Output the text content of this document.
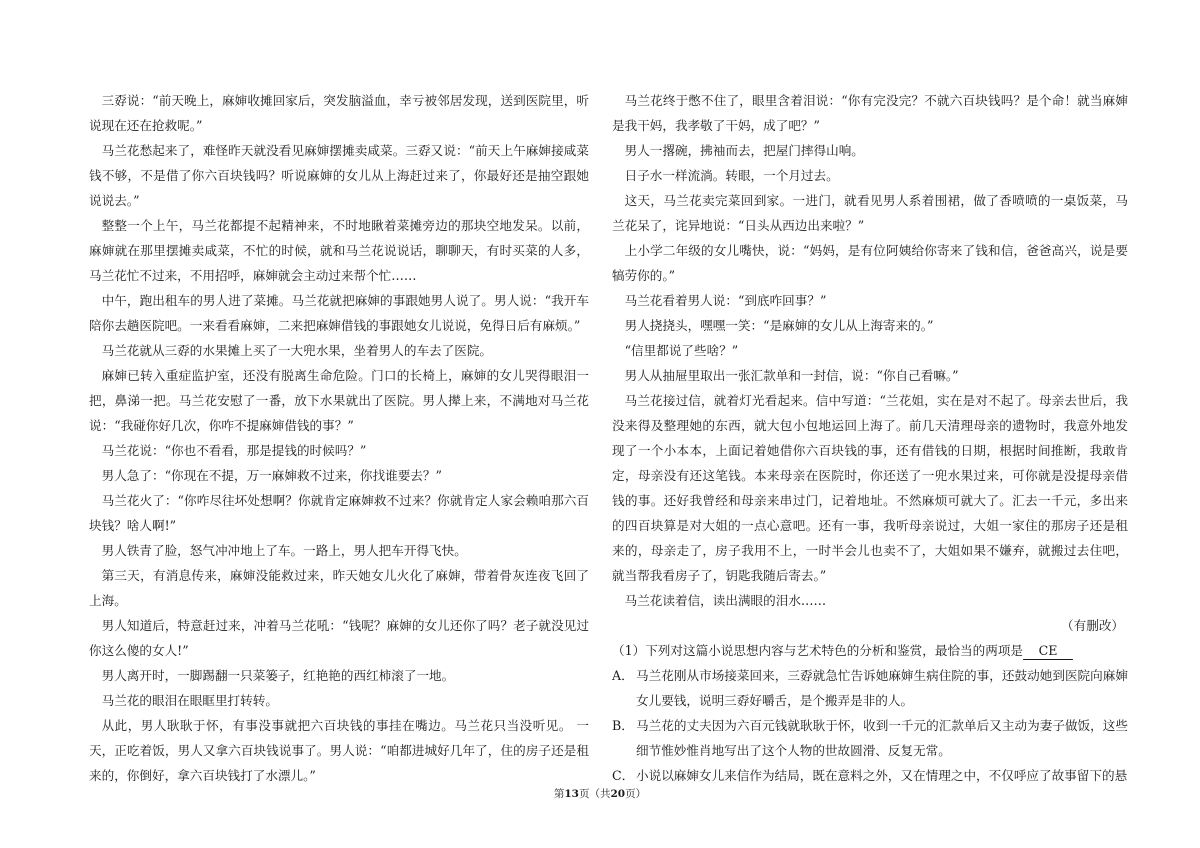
三孬说：“前天晚上，麻婶收摊回家后，突发脑溢血，幸亏被邻居发现，送到医院里，听说现在还在抢救呢。”

马兰花愁起来了，难怪昨天就没看见麻婶摆摊卖咸菜。三孬又说：“前天上午麻婶接咸菜钱不够，不是借了你六百块钱吗？听说麻婶的女儿从上海赶过来了，你最好还是抽空跟她说说去。”

整整一个上午，马兰花都提不起精神来，不时地瞅着菜摊旁边的那块空地发呆。以前，麻婶就在那里摆摊卖咸菜，不忙的时候，就和马兰花说说话，聊聊天，有时买菜的人多，马兰花忙不过来，不用招呼，麻婶就会主动过来帮个忙……

中午，跑出租车的男人进了菜摊。马兰花就把麻婶的事跟她男人说了。男人说：“我开车陪你去趟医院吧。一来看看麻婶，二来把麻婶借钱的事跟她女儿说说，免得日后有麻烦。”

马兰花就从三孬的水果摊上买了一大兜水果，坐着男人的车去了医院。

麻婶已转入重症监护室，还没有脱离生命危险。门口的长椅上，麻婶的女儿哭得眼泪一把，鼻涕一把。马兰花安慰了一番，放下水果就出了医院。男人撵上来，不满地对马兰花说：“我碰你好几次，你咋不提麻婶借钱的事？”

马兰花说：“你也不看看，那是提钱的时候吗？”

男人急了：“你现在不提，万一麻婶救不过来，你找谁要去？”

马兰花火了：“你咋尽往坏处想啊？你就肯定麻婶救不过来？你就肯定人家会赖咱那六百块钱？啥人啊!”

男人铁青了脸，怒气冲冲地上了车。一路上，男人把车开得飞快。

第三天，有消息传来，麻婶没能救过来，昨天她女儿火化了麻婶，带着骨灰连夜飞回了上海。

男人知道后，特意赶过来，冲着马兰花吼：“钱呢？麻婶的女儿还你了吗？老子就没见过你这么傻的女人!”

男人离开时，一脚踢翻一只菜篓子，红艳艳的西红柿滚了一地。

马兰花的眼泪在眼眶里打转转。

从此，男人耿耿于怀，有事没事就把六百块钱的事挂在嘴边。马兰花只当没听见。 一天，正吃着饭，男人又拿六百块钱说事了。男人说：“咱都进城好几年了，住的房子还是租来的，你倒好，拿六百块钱打了水漂儿。”

马兰花终于憋不住了，眼里含着泪说：“你有完没完？不就六百块钱吗？是个命！就当麻婶是我干妈，我孝敬了干妈，成了吧？”

男人一撂碗，拂袖而去，把屋门摔得山响。

日子水一样流淌。转眼，一个月过去。

这天，马兰花卖完菜回到家。一进门，就看见男人系着围裙，做了香喷喷的一桌饭菜，马兰花呆了，诧异地说：“日头从西边出来啦？”

上小学二年级的女儿嘴快，说：“妈妈，是有位阿姨给你寄来了钱和信，爸爸高兴，说是要犒劳你的。”

马兰花看着男人说：“到底咋回事？”

男人挠挠头，嘿嘿一笑：“是麻婶的女儿从上海寄来的。”

“信里都说了些啥？”

男人从抽屉里取出一张汇款单和一封信，说：“你自己看嘛。”

马兰花接过信，就着灯光看起来。信中写道：“兰花姐，实在是对不起了。母亲去世后，我没来得及整理她的东西，就大包小包地运回上海了。前几天清理母亲的遗物时，我意外地发现了一个小本本，上面记着她借你六百块钱的事，还有借钱的日期，根据时间推断，我敢肯定，母亲没有还这笔钱。本来母亲在医院时，你还送了一兜水果过来，可你就是没提母亲借钱的事。还好我曾经和母亲来串过门，记着地址。不然麻烦可就大了。汇去一千元，多出来的四百块算是对大姐的一点心意吧。还有一事，我听母亲说过，大姐一家住的那房子还是租来的，母亲走了，房子我用不上，一时半会儿也卖不了，大姐如果不嫌弃，就搬过去住吧，就当帮我看房子了，钥匙我随后寄去。”

马兰花读着信，读出满眼的泪水……

（有删改）

（1）下列对这篇小说思想内容与艺术特色的分析和鉴赏，最恰当的两项是 CE

A． 马兰花刚从市场接菜回来，三孬就急忙告诉她麻婶生病住院的事，还鼓动她到医院向麻婶女儿要钱，说明三孬好嚼舌，是个搬弄是非的人。
B． 马兰花的丈夫因为六百元钱就耿耿于怀，收到一千元的汇款单后又主动为妻子做饭，这些细节惟妙惟肖地写出了这个人物的世故圆滑、反复无常。
C． 小说以麻婶女儿来信作为结局，既在意料之外，又在情理之中，不仅呼应了故事留下的悬
第13页（共20页）
